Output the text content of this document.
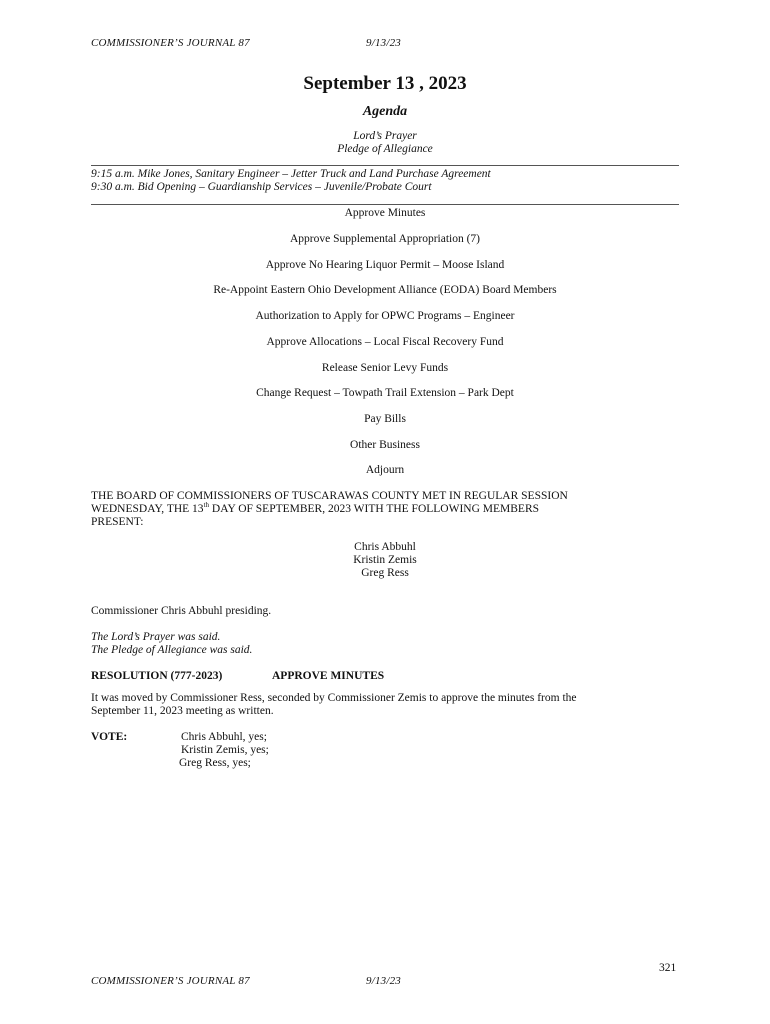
COMMISSIONER’S JOURNAL 87	9/13/23
September 13 , 2023
Agenda
Lord’s Prayer
Pledge of Allegiance
9:15 a.m. Mike Jones, Sanitary Engineer – Jetter Truck and Land Purchase Agreement
9:30 a.m. Bid Opening – Guardianship Services – Juvenile/Probate Court
Approve Minutes
Approve Supplemental Appropriation (7)
Approve No Hearing Liquor Permit – Moose Island
Re-Appoint Eastern Ohio Development Alliance (EODA) Board Members
Authorization to Apply for OPWC Programs – Engineer
Approve Allocations – Local Fiscal Recovery Fund
Release Senior Levy Funds
Change Request – Towpath Trail Extension – Park Dept
Pay Bills
Other Business
Adjourn
THE BOARD OF COMMISSIONERS OF TUSCARAWAS COUNTY MET IN REGULAR SESSION
WEDNESDAY, THE 13th DAY OF SEPTEMBER, 2023 WITH THE FOLLOWING MEMBERS
PRESENT:
Chris Abbuhl
Kristin Zemis
Greg Ress
Commissioner Chris Abbuhl presiding.
The Lord’s Prayer was said.
The Pledge of Allegiance was said.
RESOLUTION (777-2023)	APPROVE MINUTES
It was moved by Commissioner Ress, seconded by Commissioner Zemis to approve the minutes from the
September 11, 2023 meeting as written.
VOTE:	Chris Abbuhl, yes;
Kristin Zemis, yes;
Greg Ress, yes;
321
COMMISSIONER’S JOURNAL 87	9/13/23
